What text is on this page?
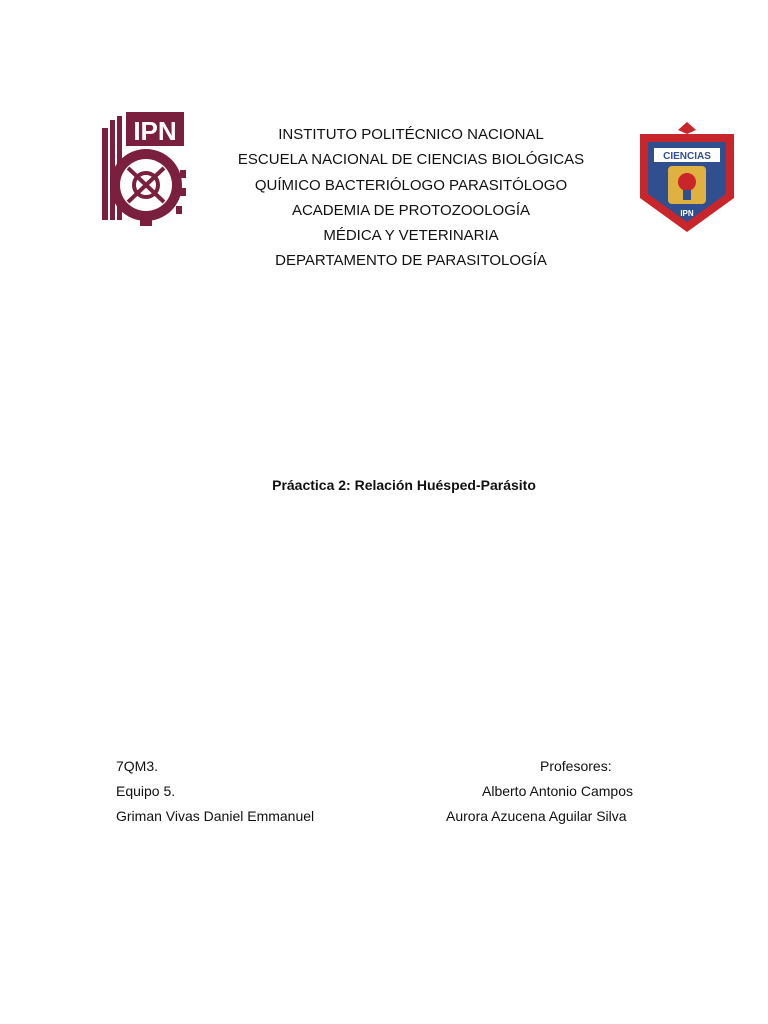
IPN
CIENCIAS
IPN
INSTITUTO POLITÉCNICO NACIONAL
ESCUELA NACIONAL DE CIENCIAS BIOLÓGICAS
QUÍMICO BACTERIÓLOGO PARASITÓLOGO
ACADEMIA DE PROTOZOOLOGÍA
MÉDICA Y VETERINARIA
DEPARTAMENTO DE PARASITOLOGÍA
Práactica 2: Relación Huésped-Parásito
7QM3.
Equipo 5.
Griman Vivas Daniel Emmanuel
Profesores:
Alberto Antonio Campos
Aurora Azucena Aguilar Silva
